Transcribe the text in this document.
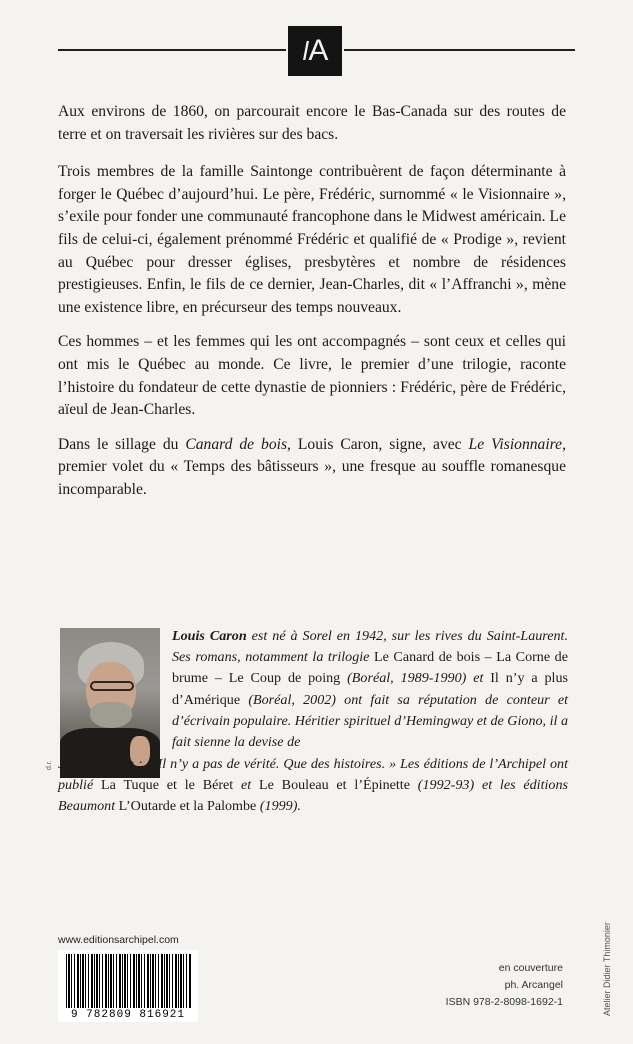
l A

Aux environs de 1860, on parcourait encore le Bas-Canada sur des routes de terre et on traversait les rivières sur des bacs.

Trois membres de la famille Saintonge contribuèrent de façon déterminante à forger le Québec d’aujourd’hui. Le père, Frédéric, surnommé « le Visionnaire », s’exile pour fonder une communauté francophone dans le Midwest américain. Le fils de celui-ci, également prénommé Frédéric et qualifié de « Prodige », revient au Québec pour dresser églises, presbytères et nombre de résidences prestigieuses. Enfin, le fils de ce dernier, Jean-Charles, dit « l’Affranchi », mène une existence libre, en précurseur des temps nouveaux.

Ces hommes – et les femmes qui les ont accompagnés – sont ceux et celles qui ont mis le Québec au monde. Ce livre, le premier d’une trilogie, raconte l’histoire du fondateur de cette dynastie de pionniers : Frédéric, père de Frédéric, aïeul de Jean-Charles.

Dans le sillage du Canard de bois, Louis Caron, signe, avec Le Visionnaire, premier volet du « Temps des bâtisseurs », une fresque au souffle romanesque incomparable.

d.r.

Louis Caron est né à Sorel en 1942, sur les rives du Saint-Laurent. Ses romans, notamment la trilogie Le Canard de bois – La Corne de brume – Le Coup de poing (Boréal, 1989-1990) et Il n’y a plus d’Amérique (Boréal, 2002) ont fait sa réputation de conteur et d’écrivain populaire. Héritier spirituel d’Hemingway et de Giono, il a fait sienne la devise de

Jim Harrison : « Il n’y a pas de vérité. Que des histoires. » Les éditions de l’Archipel ont publié La Tuque et le Béret et Le Bouleau et l’Épinette (1992-93) et les éditions Beaumont L’Outarde et la Palombe (1999).

www.editionsarchipel.com
9 782809 816921
en couverture
ph. Arcangel
ISBN 978-2-8098-1692-1	Atelier Didier Thimonier
